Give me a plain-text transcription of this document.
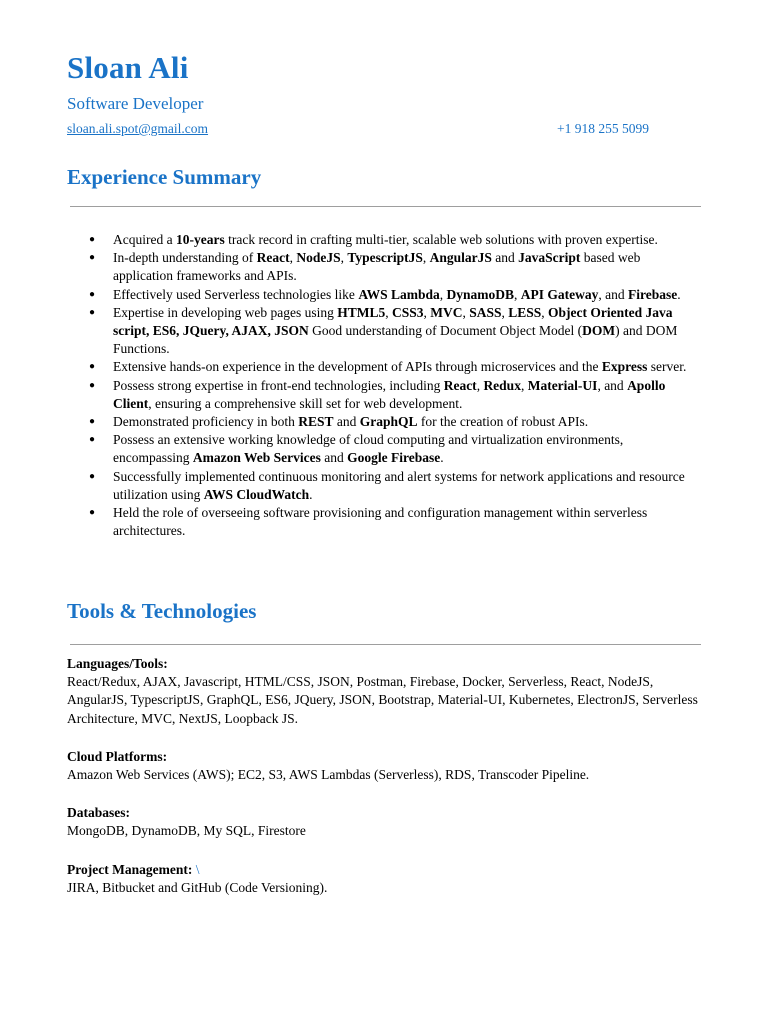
Sloan Ali
Software Developer
sloan.ali.spot@gmail.com	+1 918 255 5099
Experience Summary
● Acquired a 10-years track record in crafting multi-tier, scalable web solutions with proven expertise.
● In-depth understanding of React, NodeJS, TypescriptJS, AngularJS and JavaScript based web application frameworks and APIs.
● Effectively used Serverless technologies like AWS Lambda, DynamoDB, API Gateway, and Firebase.
● Expertise in developing web pages using HTML5, CSS3, MVC, SASS, LESS, Object Oriented Java script, ES6, JQuery, AJAX, JSON Good understanding of Document Object Model (DOM) and DOM Functions.
● Extensive hands-on experience in the development of APIs through microservices and the Express server.
● Possess strong expertise in front-end technologies, including React, Redux, Material-UI, and Apollo Client, ensuring a comprehensive skill set for web development.
● Demonstrated proficiency in both REST and GraphQL for the creation of robust APIs.
● Possess an extensive working knowledge of cloud computing and virtualization environments, encompassing Amazon Web Services and Google Firebase.
● Successfully implemented continuous monitoring and alert systems for network applications and resource utilization using AWS CloudWatch.
● Held the role of overseeing software provisioning and configuration management within serverless architectures.
Tools & Technologies
Languages/Tools:
React/Redux, AJAX, Javascript, HTML/CSS, JSON, Postman, Firebase, Docker, Serverless, React, NodeJS, AngularJS, TypescriptJS, GraphQL, ES6, JQuery, JSON, Bootstrap, Material-UI, Kubernetes, ElectronJS, Serverless Architecture, MVC, NextJS, Loopback JS.
Cloud Platforms:
Amazon Web Services (AWS); EC2, S3, AWS Lambdas (Serverless), RDS, Transcoder Pipeline.
Databases:
MongoDB, DynamoDB, My SQL, Firestore
Project Management: \
JIRA, Bitbucket and GitHub (Code Versioning).
